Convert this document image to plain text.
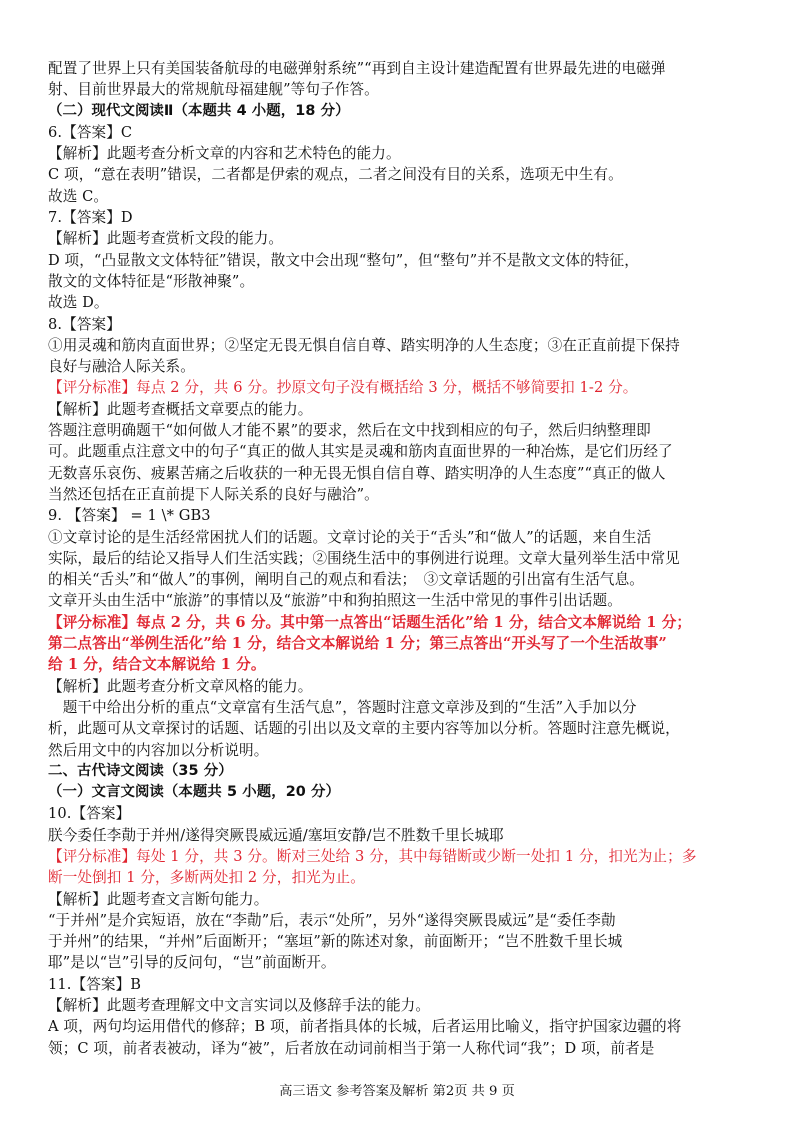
配置了世界上只有美国装备航母的电磁弹射系统”“再到自主设计建造配置有世界最先进的电磁弹
射、目前世界最大的常规航母福建舰”等句子作答。
（二）现代文阅读Ⅱ（本题共 4 小题，18 分）
6.【答案】C
【解析】此题考查分析文章的内容和艺术特色的能力。
C 项，“意在表明”错误，二者都是伊索的观点，二者之间没有目的关系，选项无中生有。
故选 C。
7.【答案】D
【解析】此题考查赏析文段的能力。
D 项，“凸显散文文体特征”错误，散文中会出现“整句”，但“整句”并不是散文文体的特征，
散文的文体特征是“形散神聚”。
故选 D。
8.【答案】
①用灵魂和筋肉直面世界；②坚定无畏无惧自信自尊、踏实明净的人生态度；③在正直前提下保持
良好与融洽人际关系。
【评分标准】每点 2 分，共 6 分。抄原文句子没有概括给 3 分，概括不够简要扣 1-2 分。
【解析】此题考查概括文章要点的能力。
答题注意明确题干“如何做人才能不累”的要求，然后在文中找到相应的句子，然后归纳整理即
可。此题重点注意文中的句子“真正的做人其实是灵魂和筋肉直面世界的一种冶炼，是它们历经了
无数喜乐哀伤、疲累苦痛之后收获的一种无畏无惧自信自尊、踏实明净的人生态度”“真正的做人
当然还包括在正直前提下人际关系的良好与融洽”。
9. 【答案】 = 1 \* GB3
①文章讨论的是生活经常困扰人们的话题。文章讨论的关于“舌头”和“做人”的话题，来自生活
实际，最后的结论又指导人们生活实践；②围绕生活中的事例进行说理。文章大量列举生活中常见
的相关“舌头”和“做人”的事例，阐明自己的观点和看法；　③文章话题的引出富有生活气息。
文章开头由生活中“旅游”的事情以及“旅游”中和狗拍照这一生活中常见的事件引出话题。
【评分标准】每点 2 分，共 6 分。其中第一点答出“话题生活化”给 1 分，结合文本解说给 1 分；
第二点答出“举例生活化”给 1 分，结合文本解说给 1 分；第三点答出“开头写了一个生活故事”
给 1 分，结合文本解说给 1 分。
【解析】此题考查分析文章风格的能力。
　题干中给出分析的重点“文章富有生活气息”，答题时注意文章涉及到的“生活”入手加以分
析，此题可从文章探讨的话题、话题的引出以及文章的主要内容等加以分析。答题时注意先概说，
然后用文中的内容加以分析说明。
二、古代诗文阅读（35 分）
（一）文言文阅读（本题共 5 小题，20 分）
10.【答案】
朕今委任李勣于并州/遂得突厥畏威远遁/塞垣安静/岂不胜数千里长城耶
【评分标准】每处 1 分，共 3 分。断对三处给 3 分，其中每错断或少断一处扣 1 分，扣光为止；多
断一处倒扣 1 分，多断两处扣 2 分，扣光为止。
【解析】此题考查文言断句能力。
“于并州”是介宾短语，放在“李勣”后，表示“处所”，另外“遂得突厥畏威远”是“委任李勣
于并州”的结果，“并州”后面断开；“塞垣”新的陈述对象，前面断开；“岂不胜数千里长城
耶”是以“岂”引导的反问句，“岂”前面断开。
11.【答案】B
【解析】此题考查理解文中文言实词以及修辞手法的能力。
A 项，两句均运用借代的修辞；B 项，前者指具体的长城，后者运用比喻义，指守护国家边疆的将
领；C 项，前者表被动，译为“被”，后者放在动词前相当于第一人称代词“我”；D 项，前者是
高三语文 参考答案及解析 第2页 共 9 页
